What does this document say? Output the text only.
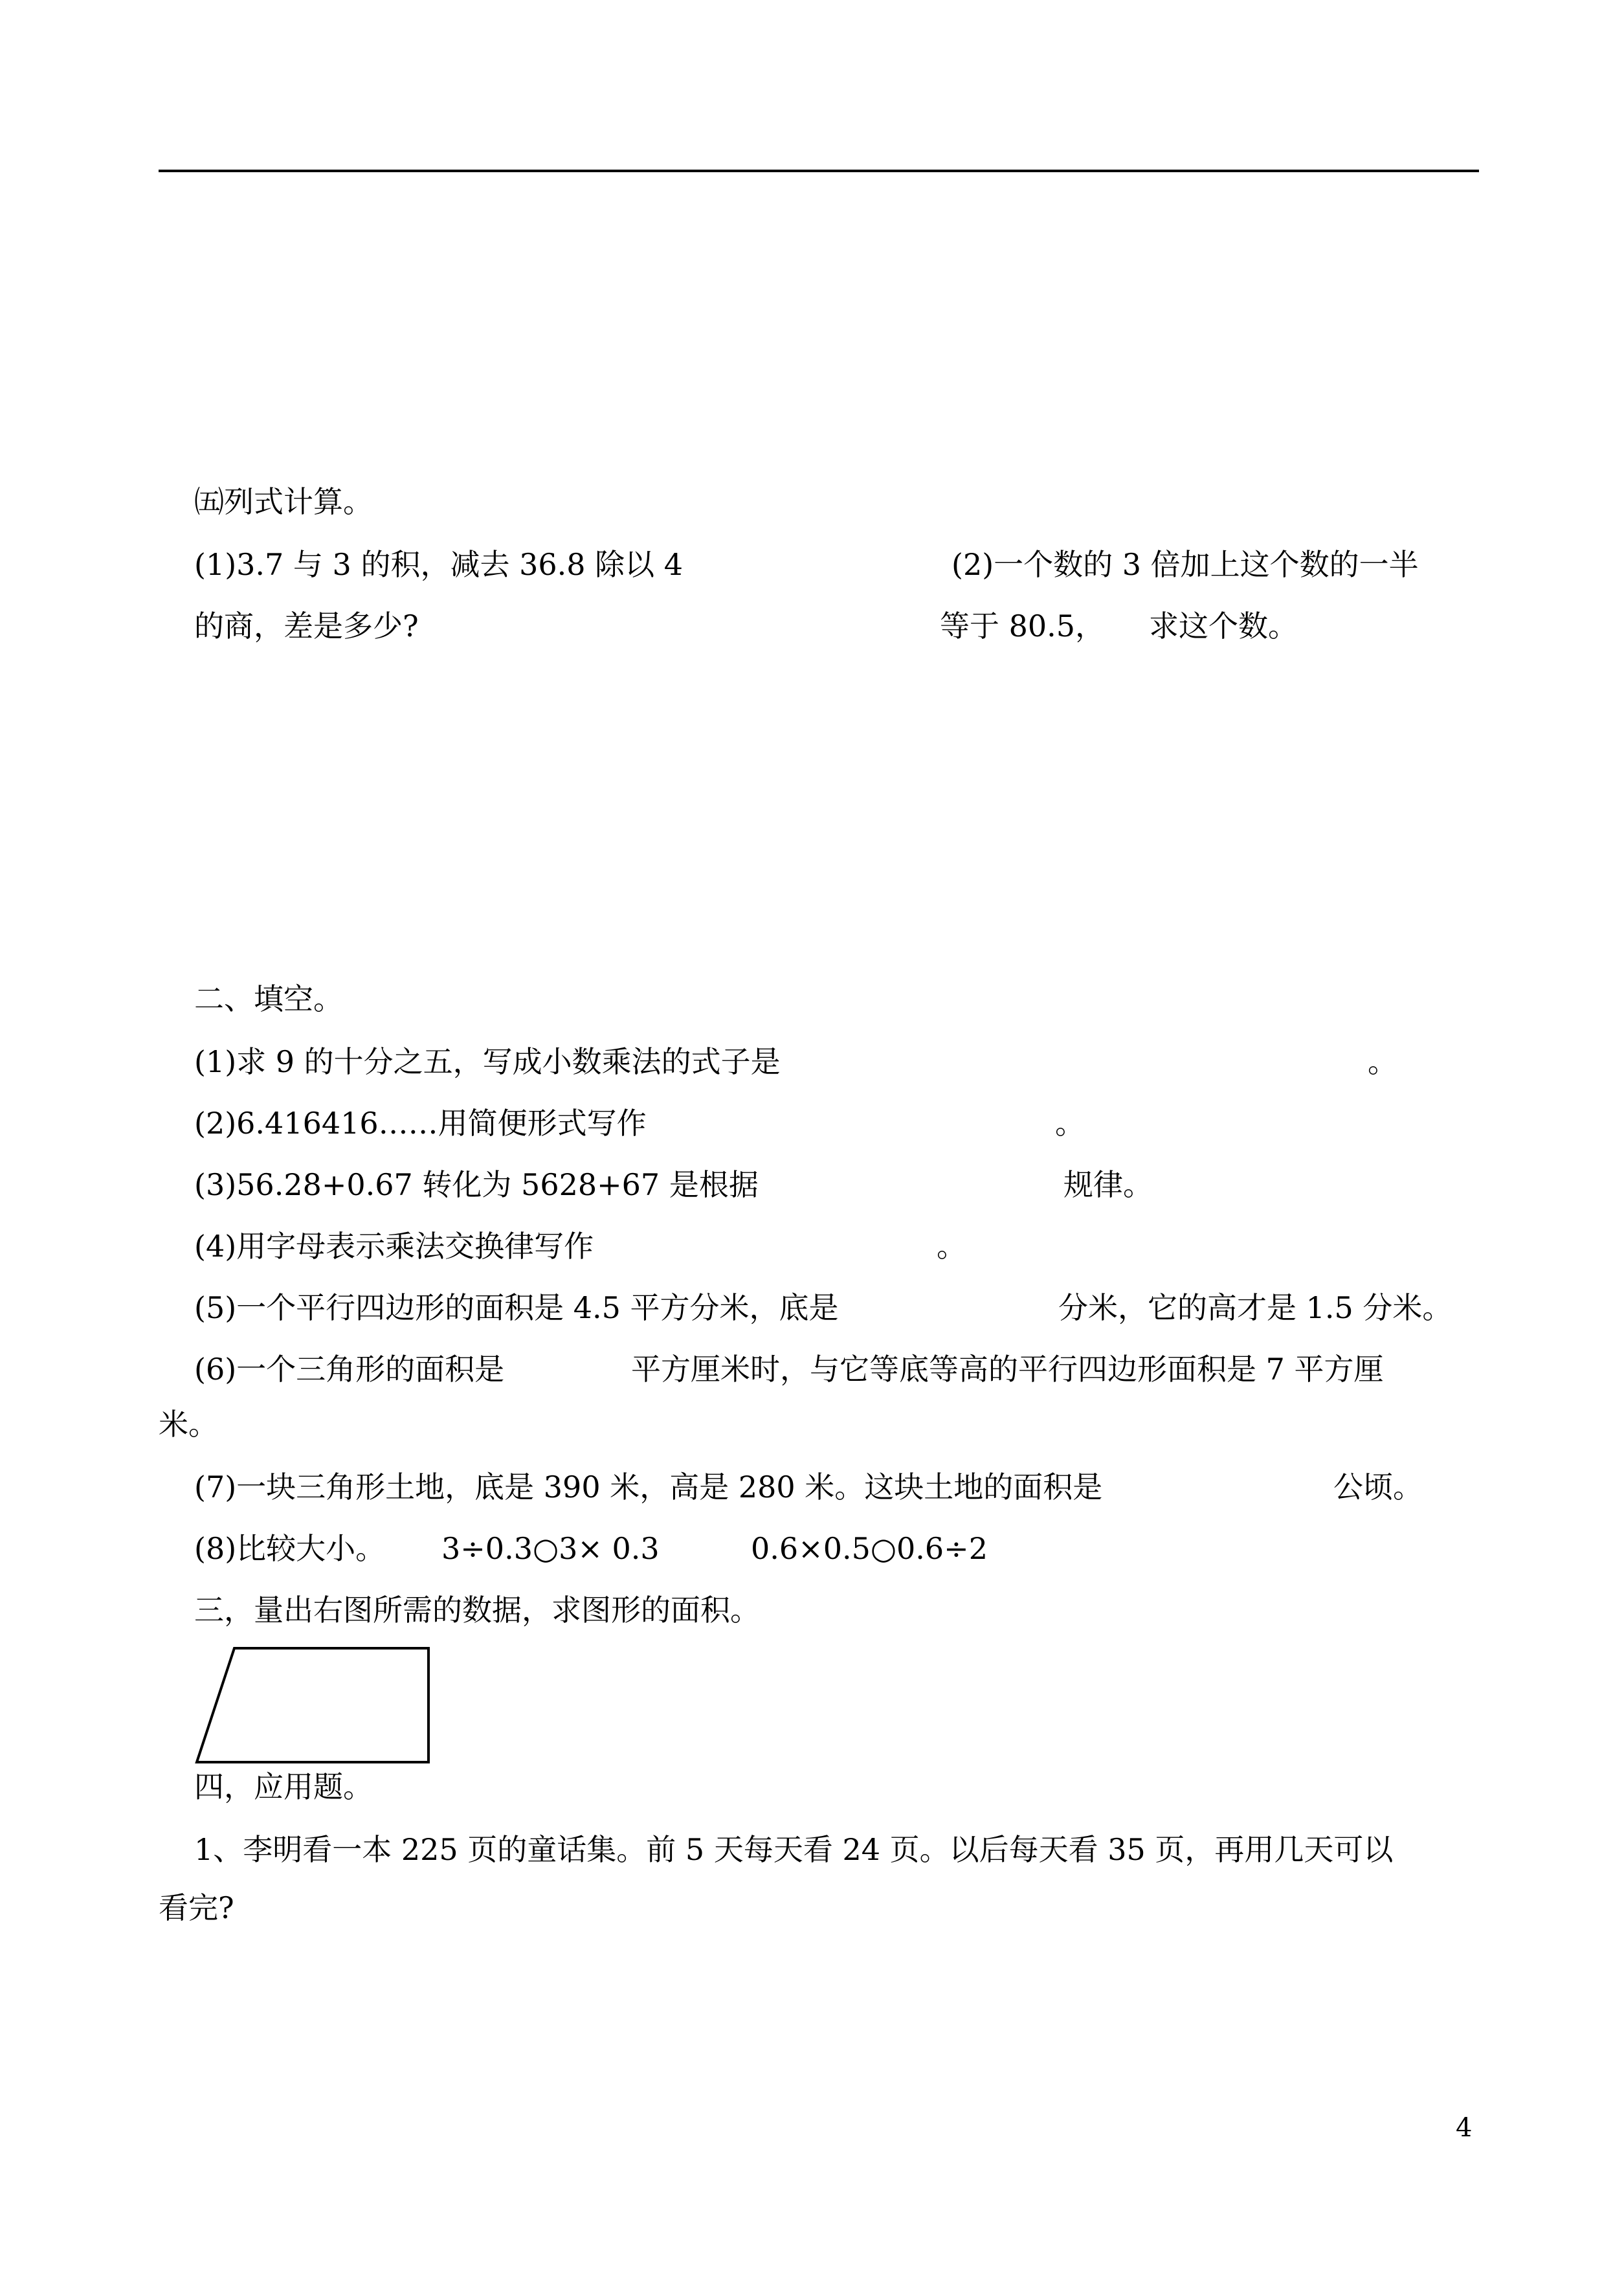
㈤列式计算。
(1)3.7 与 3 的积，减去 36.8 除以 4
的商，差是多少?
(2)一个数的 3 倍加上这个数的一半
等于 80.5， 求这个数。
二、填空。
(1)求 9 的十分之五，写成小数乘法的式子是	。
(2)6.416416……用简便形式写作	。
(3)56.28+0.67 转化为 5628+67 是根据	规律。
(4)用字母表示乘法交换律写作	。
(5)一个平行四边形的面积是 4.5 平方分米，底是	分米，它的高才是 1.5 分米。
(6)一个三角形的面积是	平方厘米时，与它等底等高的平行四边形面积是 7 平方厘
米。
(7)一块三角形土地，底是 390 米，高是 280 米。这块土地的面积是	公顷。
(8)比较大小。 3÷0.3○3× 0.3	0.6×0.5○0.6÷2
三，量出右图所需的数据，求图形的面积。
四，应用题。
1、李明看一本 225 页的童话集。前 5 天每天看 24 页。以后每天看 35 页，再用几天可以
看完?
4
